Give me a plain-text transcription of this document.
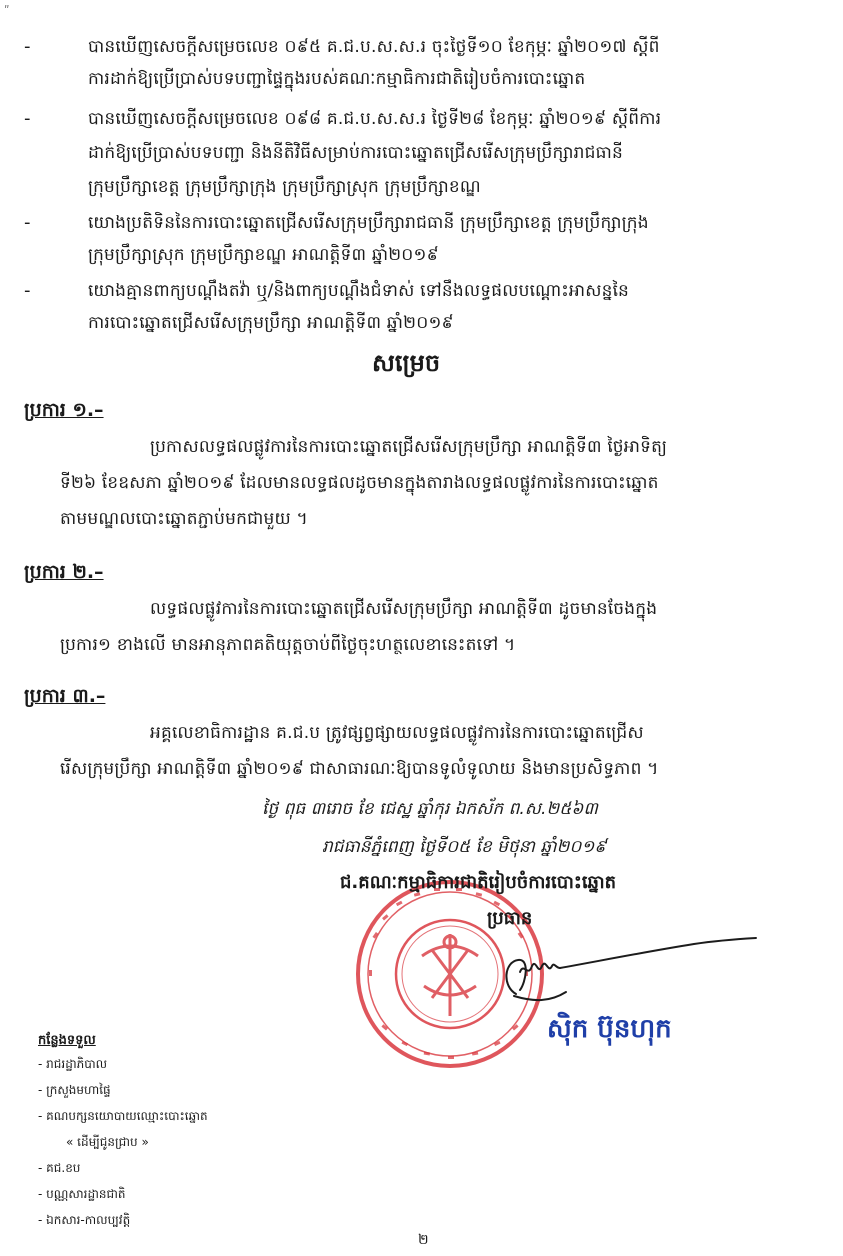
ʺ
-	បានឃើញសេចក្តីសម្រេចលេខ ០៩៥ គ.ជ.ប.ស.ស.រ ចុះថ្ងៃទី១០ ខែកុម្ភៈ ឆ្នាំ២០១៧ ស្តីពី
ការដាក់ឱ្យប្រើប្រាស់បទបញ្ជាផ្ទៃក្នុងរបស់គណៈកម្មាធិការជាតិរៀបចំការបោះឆ្នោត
-	បានឃើញសេចក្តីសម្រេចលេខ ០៩៨ គ.ជ.ប.ស.ស.រ ថ្ងៃទី២៨ ខែកុម្ភៈ ឆ្នាំ២០១៩ ស្តីពីការ
ដាក់ឱ្យប្រើប្រាស់បទបញ្ជា និងនីតិវិធីសម្រាប់ការបោះឆ្នោតជ្រើសរើសក្រុមប្រឹក្សារាជធានី
ក្រុមប្រឹក្សាខេត្ត ក្រុមប្រឹក្សាក្រុង ក្រុមប្រឹក្សាស្រុក ក្រុមប្រឹក្សាខណ្ឌ
-	យោងប្រតិទិននៃការបោះឆ្នោតជ្រើសរើសក្រុមប្រឹក្សារាជធានី ក្រុមប្រឹក្សាខេត្ត ក្រុមប្រឹក្សាក្រុង
ក្រុមប្រឹក្សាស្រុក ក្រុមប្រឹក្សាខណ្ឌ អាណត្តិទី៣ ឆ្នាំ២០១៩
-	យោងគ្មានពាក្យបណ្តឹងតវ៉ា ឬ/និងពាក្យបណ្តឹងជំទាស់ ទៅនឹងលទ្ធផលបណ្តោះអាសន្ននៃ
ការបោះឆ្នោតជ្រើសរើសក្រុមប្រឹក្សា អាណត្តិទី៣ ឆ្នាំ២០១៩
សម្រេច
ប្រការ ១.–
ប្រកាសលទ្ធផលផ្លូវការនៃការបោះឆ្នោតជ្រើសរើសក្រុមប្រឹក្សា អាណត្តិទី៣ ថ្ងៃអាទិត្យ
ទី២៦ ខែឧសភា ឆ្នាំ២០១៩ ដែលមានលទ្ធផលដូចមានក្នុងតារាងលទ្ធផលផ្លូវការនៃការបោះឆ្នោត
តាមមណ្ឌលបោះឆ្នោតភ្ជាប់មកជាមួយ ។
ប្រការ ២.–
លទ្ធផលផ្លូវការនៃការបោះឆ្នោតជ្រើសរើសក្រុមប្រឹក្សា អាណត្តិទី៣ ដូចមានចែងក្នុង
ប្រការ១ ខាងលើ មានអានុភាពគតិយុត្តចាប់ពីថ្ងៃចុះហត្ថលេខានេះតទៅ ។
ប្រការ ៣.–
អគ្គលេខាធិការដ្ឋាន គ.ជ.ប ត្រូវផ្សព្វផ្សាយលទ្ធផលផ្លូវការនៃការបោះឆ្នោតជ្រើស
រើសក្រុមប្រឹក្សា អាណត្តិទី៣ ឆ្នាំ២០១៩ ជាសាធារណៈឱ្យបានទូលំទូលាយ និងមានប្រសិទ្ធភាព ។
ថ្ងៃ ពុធ ៣រោច ខែ ជេស្ឋ ឆ្នាំកុរ ឯកស័ក ព.ស.២៥៦៣
រាជធានីភ្នំពេញ ថ្ងៃទី០៥ ខែ មិថុនា ឆ្នាំ២០១៩
ជ.គណៈកម្មាធិការជាតិរៀបចំការបោះឆ្នោត
ប្រធាន
ស៊ិក ប៊ុនហុក
កន្លែងទទួល
- រាជរដ្ឋាភិបាល
- ក្រសួងមហាផ្ទៃ
- គណបក្សនយោបាយឈ្មោះបោះឆ្នោត
« ដើម្បីជូនជ្រាប »
- គជ.ខប
- បណ្ណសារដ្ឋានជាតិ
- ឯកសារ-កាលប្បវត្តិ
២
